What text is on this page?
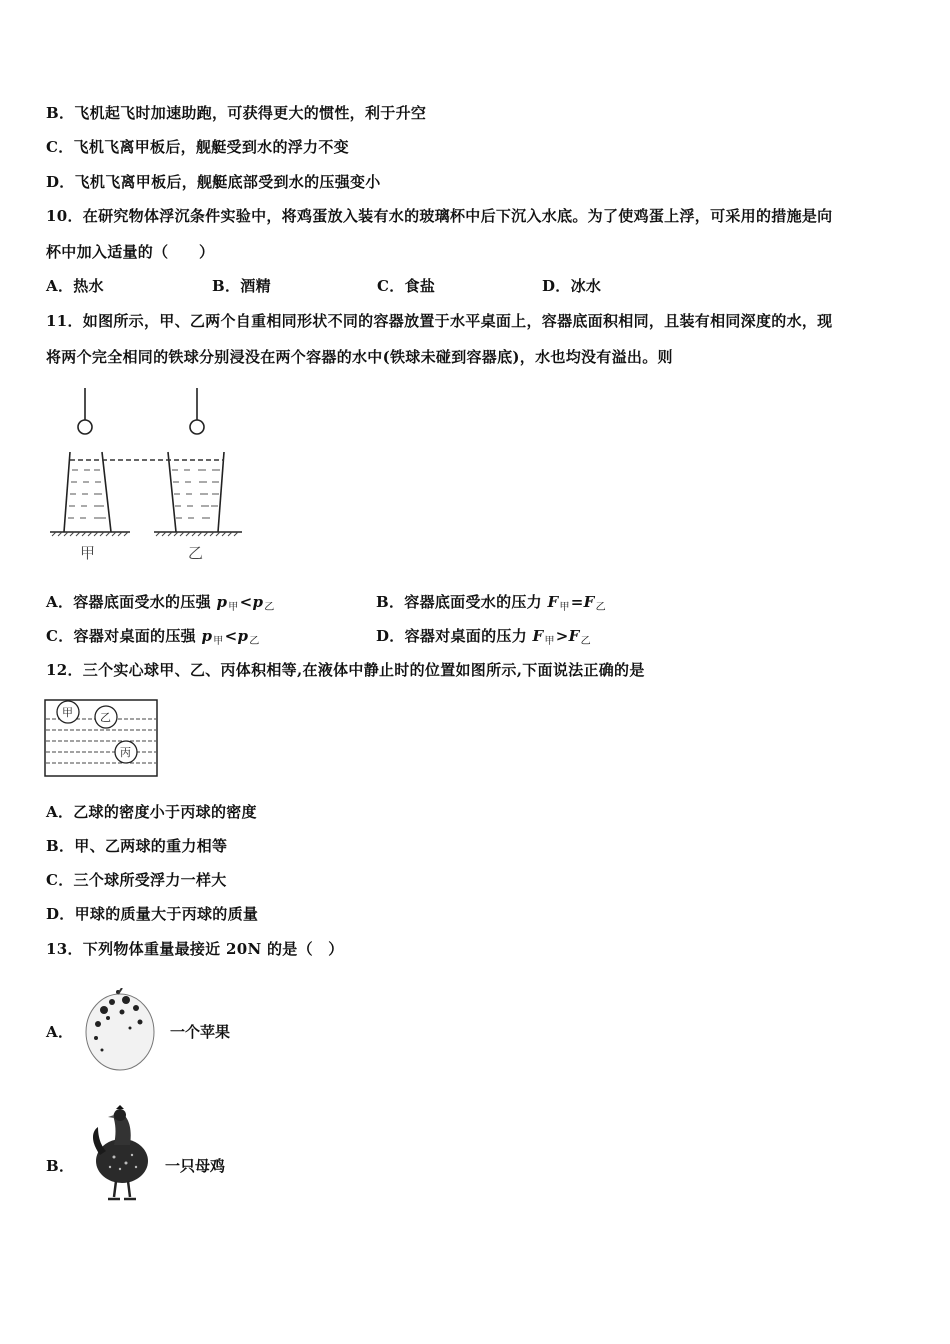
B．飞机起飞时加速助跑，可获得更大的惯性，利于升空
C．飞机飞离甲板后，舰艇受到水的浮力不变
D．飞机飞离甲板后，舰艇底部受到水的压强变小
10．在研究物体浮沉条件实验中，将鸡蛋放入装有水的玻璃杯中后下沉入水底。为了使鸡蛋上浮，可采用的措施是向
杯中加入适量的（　　）
A．热水	B．酒精	C．食盐	D．冰水
11．如图所示，甲、乙两个自重相同形状不同的容器放置于水平桌面上，容器底面积相同，且装有相同深度的水，现
将两个完全相同的铁球分别浸没在两个容器的水中(铁球未碰到容器底)，水也均没有溢出。则
甲	乙
A．容器底面受水的压强 $p_甲<p_乙$	B．容器底面受水的压力 $F_甲=F_乙$
C．容器对桌面的压强 $p_甲<p_乙$	D．容器对桌面的压力 $F_甲>F_乙$
12．三个实心球甲、乙、丙体积相等,在液体中静止时的位置如图所示,下面说法正确的是
甲 乙
丙
A．乙球的密度小于丙球的密度
B．甲、乙两球的重力相等
C．三个球所受浮力一样大
D．甲球的质量大于丙球的质量
13．下列物体重量最接近 20N 的是（　）
A．	一个苹果
B．	一只母鸡
